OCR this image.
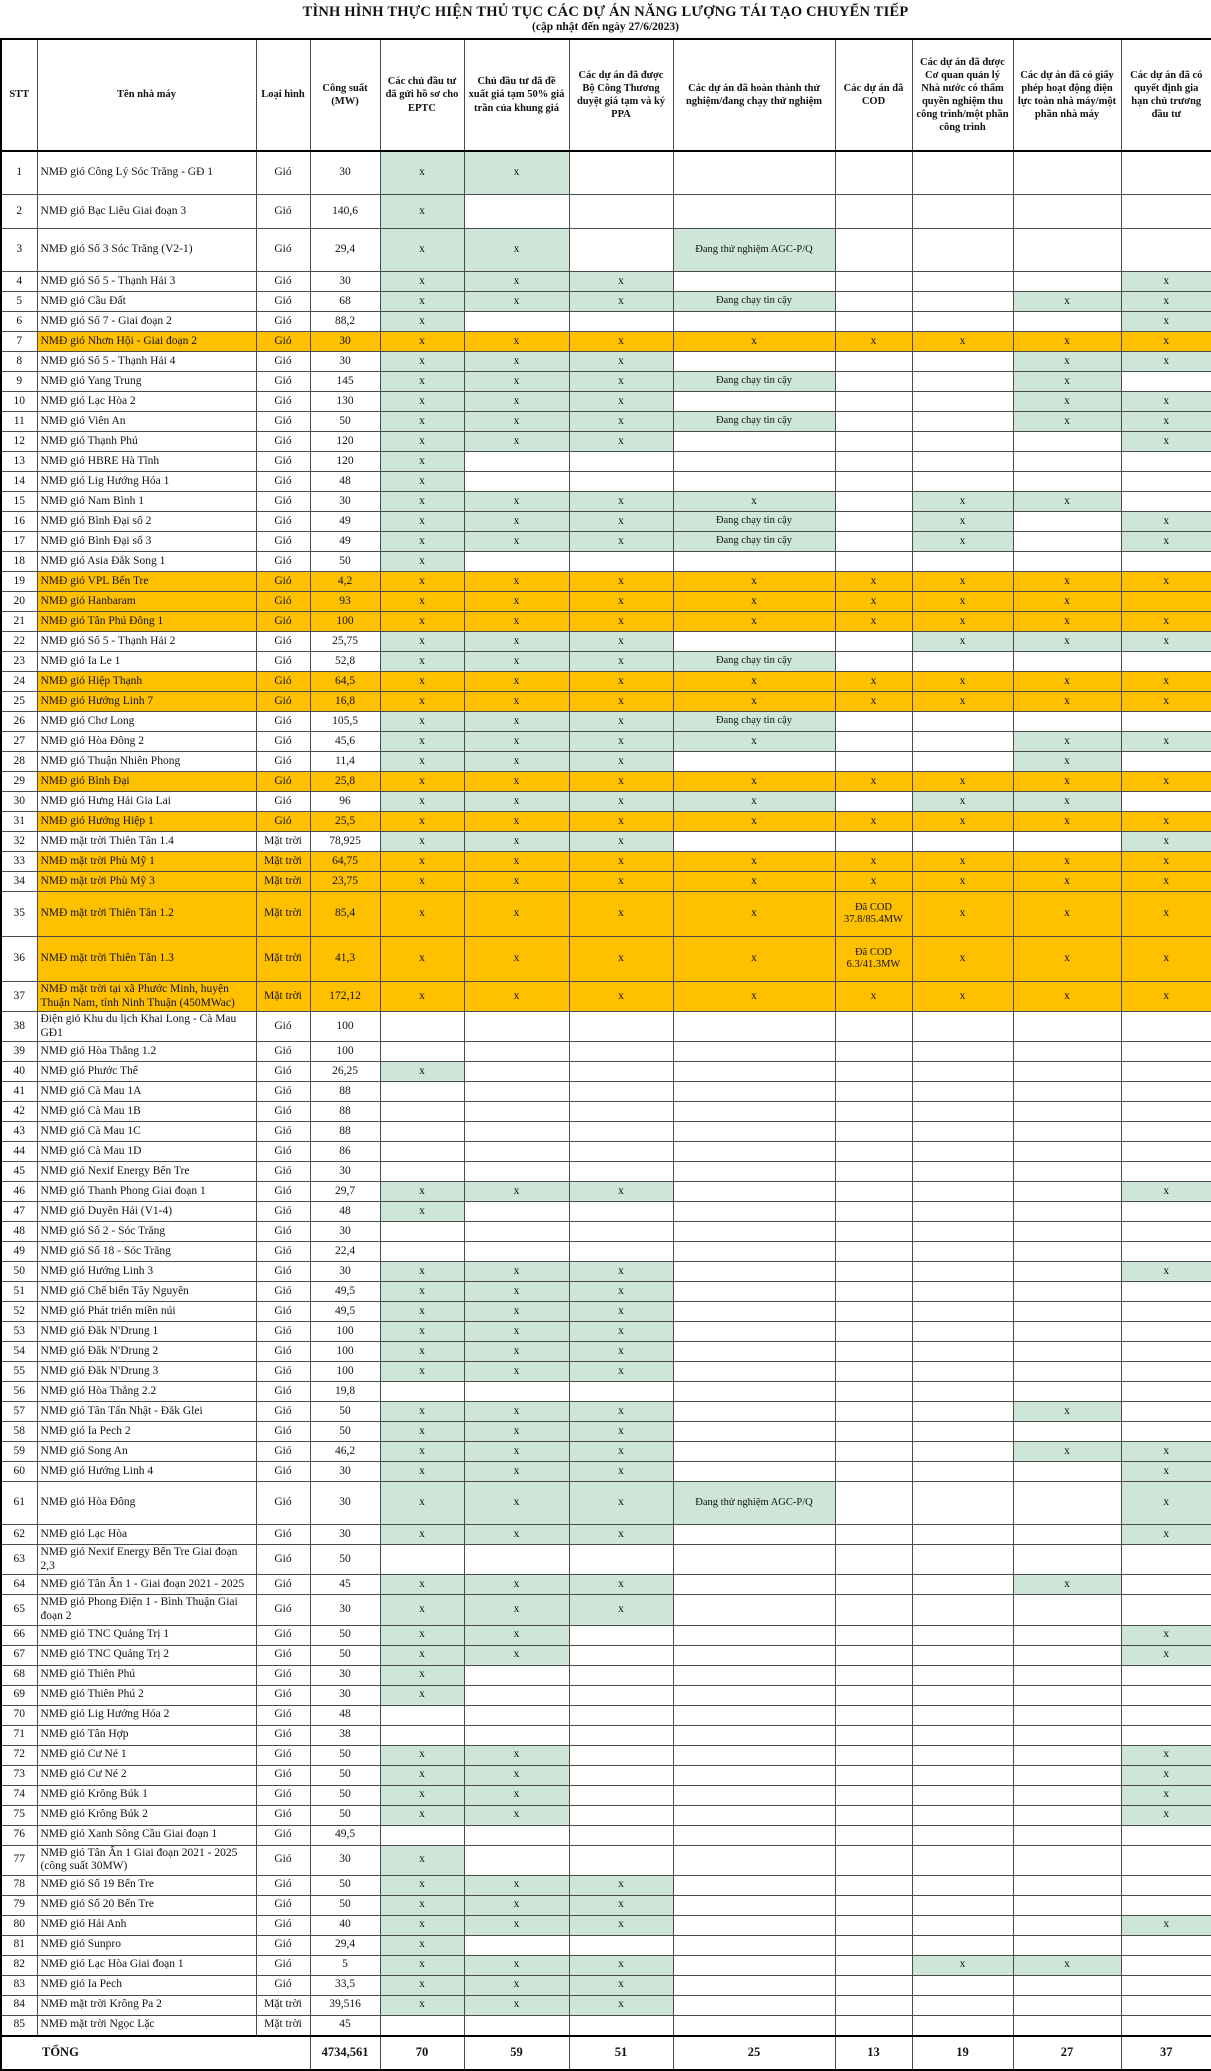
TÌNH HÌNH THỰC HIỆN THỦ TỤC CÁC DỰ ÁN NĂNG LƯỢNG TÁI TẠO CHUYỂN TIẾP
(cập nhật đến ngày 27/6/2023)
STT	Tên nhà máy	Loại hình	Công suất (MW)	Các chủ đầu tư đã gửi hồ sơ cho EPTC	Chủ đầu tư đã đề xuất giá tạm 50% giá trần của khung giá	Các dự án đã được Bộ Công Thương duyệt giá tạm và ký PPA	Các dự án đã hoàn thành thử nghiệm/đang chạy thử nghiệm	Các dự án đã COD	Các dự án đã được Cơ quan quản lý Nhà nước có thẩm quyền nghiệm thu công trình/một phần công trình	Các dự án đã có giấy phép hoạt động điện lực toàn nhà máy/một phần nhà máy	Các dự án đã có quyết định gia hạn chủ trương đầu tư
1	NMĐ gió Công Lý Sóc Trăng - GĐ 1	Gió	30	x	x						
2	NMĐ gió Bạc Liêu Giai đoạn 3	Gió	140,6	x							
3	NMĐ gió Số 3 Sóc Trăng (V2-1)	Gió	29,4	x	x		Đang thử nghiệm AGC-P/Q				
4	NMĐ gió Số 5 - Thạnh Hải 3	Gió	30	x	x	x					x
5	NMĐ gió Cầu Đất	Gió	68	x	x	x	Đang chạy tin cậy			x	x
6	NMĐ gió Số 7 - Giai đoạn 2	Gió	88,2	x							x
7	NMĐ gió Nhơn Hội - Giai đoạn 2	Gió	30	x	x	x	x	x	x	x	x
8	NMĐ gió Số 5 - Thạnh Hải 4	Gió	30	x	x	x				x	x
9	NMĐ gió Yang Trung	Gió	145	x	x	x	Đang chạy tin cậy			x	
10	NMĐ gió Lạc Hòa 2	Gió	130	x	x	x				x	x
11	NMĐ gió Viên An	Gió	50	x	x	x	Đang chạy tin cậy			x	x
12	NMĐ gió Thạnh Phú	Gió	120	x	x	x					x
13	NMĐ gió HBRE Hà Tĩnh	Gió	120	x							
14	NMĐ gió Lig Hướng Hóa 1	Gió	48	x							
15	NMĐ gió Nam Bình 1	Gió	30	x	x	x	x		x	x	
16	NMĐ gió Bình Đại số 2	Gió	49	x	x	x	Đang chạy tin cậy		x		x
17	NMĐ gió Bình Đại số 3	Gió	49	x	x	x	Đang chạy tin cậy		x		x
18	NMĐ gió Asia Đắk Song 1	Gió	50	x							
19	NMĐ gió VPL Bến Tre	Gió	4,2	x	x	x	x	x	x	x	x
20	NMĐ gió Hanbaram	Gió	93	x	x	x	x	x	x	x	
21	NMĐ gió Tân Phú Đông 1	Gió	100	x	x	x	x	x	x	x	x
22	NMĐ gió Số 5 - Thạnh Hải 2	Gió	25,75	x	x	x			x	x	x
23	NMĐ gió Ia Le 1	Gió	52,8	x	x	x	Đang chạy tin cậy				
24	NMĐ gió Hiệp Thạnh	Gió	64,5	x	x	x	x	x	x	x	x
25	NMĐ gió Hướng Linh 7	Gió	16,8	x	x	x	x	x	x	x	x
26	NMĐ gió Chơ Long	Gió	105,5	x	x	x	Đang chạy tin cậy				
27	NMĐ gió Hòa Đông 2	Gió	45,6	x	x	x	x			x	x
28	NMĐ gió Thuận Nhiên Phong	Gió	11,4	x	x	x				x	
29	NMĐ gió Bình Đại	Gió	25,8	x	x	x	x	x	x	x	x
30	NMĐ gió Hưng Hải Gia Lai	Gió	96	x	x	x	x		x	x	
31	NMĐ gió Hướng Hiệp 1	Gió	25,5	x	x	x	x	x	x	x	x
32	NMĐ mặt trời Thiên Tân 1.4	Mặt trời	78,925	x	x	x					x
33	NMĐ mặt trời Phù Mỹ 1	Mặt trời	64,75	x	x	x	x	x	x	x	x
34	NMĐ mặt trời Phù Mỹ 3	Mặt trời	23,75	x	x	x	x	x	x	x	x
35	NMĐ mặt trời Thiên Tân 1.2	Mặt trời	85,4	x	x	x	x	Đã COD 37.8/85.4MW	x	x	x
36	NMĐ mặt trời Thiên Tân 1.3	Mặt trời	41,3	x	x	x	x	Đã COD 6.3/41.3MW	x	x	x
37	NMĐ mặt trời tại xã Phước Minh, huyện Thuận Nam, tỉnh Ninh Thuận (450MWac)	Mặt trời	172,12	x	x	x	x	x	x	x	x
38	Điện gió Khu du lịch Khai Long - Cà Mau GĐ1	Gió	100								
39	NMĐ gió Hòa Thắng 1.2	Gió	100								
40	NMĐ gió Phước Thể	Gió	26,25	x							
41	NMĐ gió Cà Mau 1A	Gió	88								
42	NMĐ gió Cà Mau 1B	Gió	88								
43	NMĐ gió Cà Mau 1C	Gió	88								
44	NMĐ gió Cà Mau 1D	Gió	86								
45	NMĐ gió Nexif Energy Bến Tre	Gió	30								
46	NMĐ gió Thanh Phong Giai đoạn 1	Gió	29,7	x	x	x					x
47	NMĐ gió Duyên Hải (V1-4)	Gió	48	x							
48	NMĐ gió Số 2 - Sóc Trăng	Gió	30								
49	NMĐ gió Số 18 - Sóc Trăng	Gió	22,4								
50	NMĐ gió Hướng Linh 3	Gió	30	x	x	x					x
51	NMĐ gió Chế biến Tây Nguyên	Gió	49,5	x	x	x					
52	NMĐ gió Phát triển miền núi	Gió	49,5	x	x	x					
53	NMĐ gió Đăk N'Drung 1	Gió	100	x	x	x					
54	NMĐ gió Đăk N'Drung 2	Gió	100	x	x	x					
55	NMĐ gió Đăk N'Drung 3	Gió	100	x	x	x					
56	NMĐ gió Hòa Thắng 2.2	Gió	19,8								
57	NMĐ gió Tân Tấn Nhật - Đăk Glei	Gió	50	x	x	x				x	
58	NMĐ gió Ia Pech 2	Gió	50	x	x	x					
59	NMĐ gió Song An	Gió	46,2	x	x	x				x	x
60	NMĐ gió Hướng Linh 4	Gió	30	x	x	x					x
61	NMĐ gió Hòa Đông	Gió	30	x	x	x	Đang thử nghiệm AGC-P/Q				x
62	NMĐ gió Lạc Hòa	Gió	30	x	x	x					x
63	NMĐ gió Nexif Energy Bến Tre Giai đoạn 2,3	Gió	50								
64	NMĐ gió Tân Ân 1 - Giai đoạn 2021 - 2025	Gió	45	x	x	x				x	
65	NMĐ gió Phong Điện 1 - Bình Thuận Giai đoạn 2	Gió	30	x	x	x					
66	NMĐ gió TNC Quảng Trị 1	Gió	50	x	x						x
67	NMĐ gió TNC Quảng Trị 2	Gió	50	x	x						x
68	NMĐ gió Thiên Phú	Gió	30	x							
69	NMĐ gió Thiên Phú 2	Gió	30	x							
70	NMĐ gió Lig Hướng Hóa 2	Gió	48								
71	NMĐ gió Tân Hợp	Gió	38								
72	NMĐ gió Cư Né 1	Gió	50	x	x						x
73	NMĐ gió Cư Né 2	Gió	50	x	x						x
74	NMĐ gió Krông Búk 1	Gió	50	x	x						x
75	NMĐ gió Krông Búk 2	Gió	50	x	x						x
76	NMĐ gió Xanh Sông Cầu Giai đoạn 1	Gió	49,5								
77	NMĐ gió Tân Ân 1 Giai đoạn 2021 - 2025 (công suất 30MW)	Gió	30	x							
78	NMĐ gió Số 19 Bến Tre	Gió	50	x	x	x					
79	NMĐ gió Số 20 Bến Tre	Gió	50	x	x	x					
80	NMĐ gió Hải Anh	Gió	40	x	x	x					x
81	NMĐ gió Sunpro	Gió	29,4	x							
82	NMĐ gió Lạc Hòa Giai đoạn 1	Gió	5	x	x	x			x	x	
83	NMĐ gió Ia Pech	Gió	33,5	x	x	x					
84	NMĐ mặt trời Krông Pa 2	Mặt trời	39,516	x	x	x					
85	NMĐ mặt trời Ngọc Lặc	Mặt trời	45								
TỔNG			4734,561	70	59	51	25	13	19	27	37
